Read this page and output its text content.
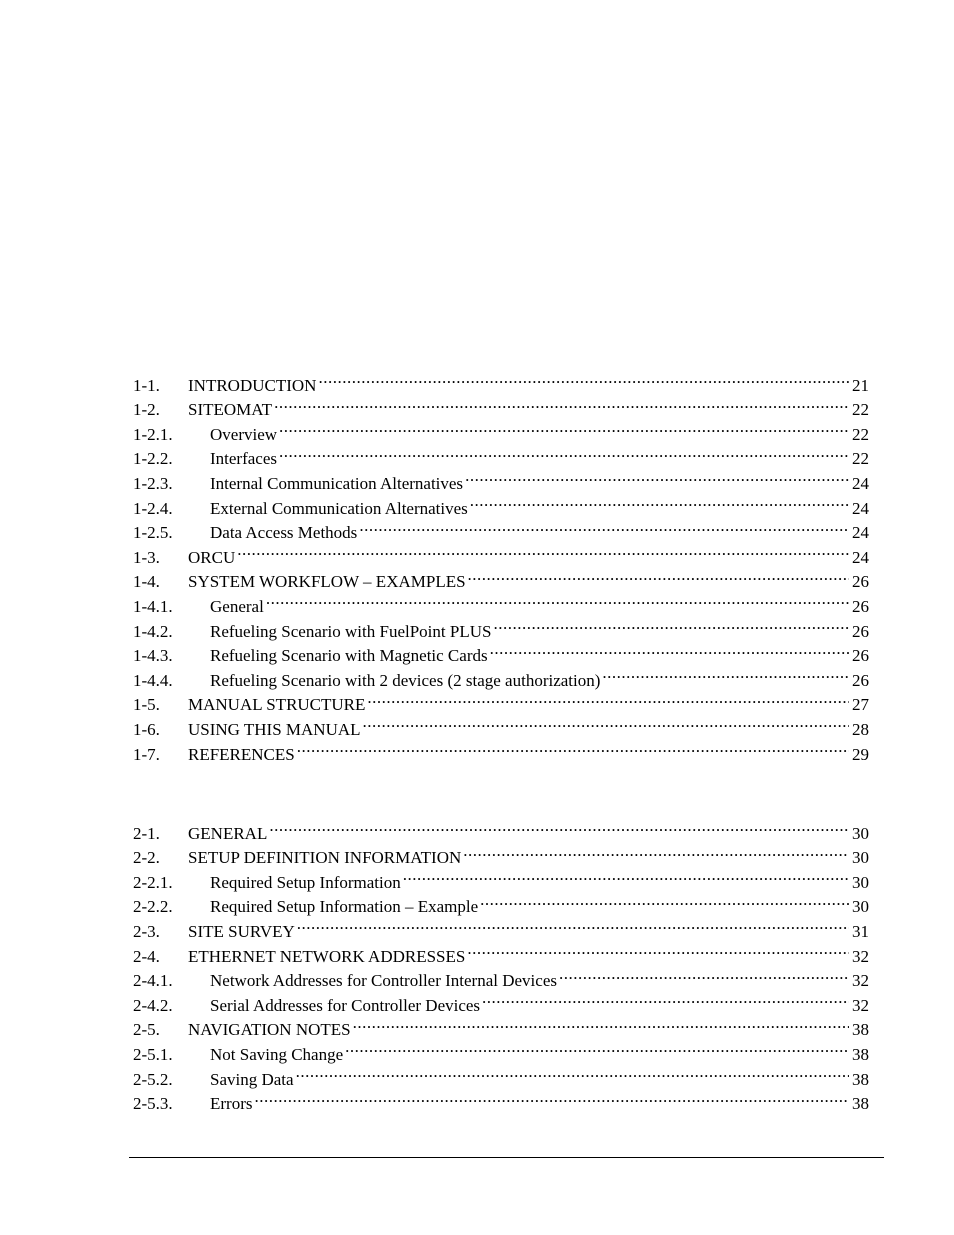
1-1.	INTRODUCTION .....	21
1-2.	SITEOMAT .....	22
1-2.1.	Overview .....	22
1-2.2.	Interfaces .....	22
1-2.3.	Internal Communication Alternatives .....	24
1-2.4.	External Communication Alternatives .....	24
1-2.5.	Data Access Methods .....	24
1-3.	ORCU .....	24
1-4.	SYSTEM WORKFLOW – EXAMPLES .....	26
1-4.1.	General .....	26
1-4.2.	Refueling Scenario with FuelPoint PLUS .....	26
1-4.3.	Refueling Scenario with Magnetic Cards .....	26
1-4.4.	Refueling Scenario with 2 devices (2 stage authorization) .....	26
1-5.	MANUAL STRUCTURE .....	27
1-6.	USING THIS MANUAL .....	28
1-7.	REFERENCES .....	29
2-1.	GENERAL .....	30
2-2.	SETUP DEFINITION INFORMATION .....	30
2-2.1.	Required Setup Information .....	30
2-2.2.	Required Setup Information – Example .....	30
2-3.	SITE SURVEY .....	31
2-4.	ETHERNET NETWORK ADDRESSES .....	32
2-4.1.	Network Addresses for Controller Internal Devices .....	32
2-4.2.	Serial Addresses for Controller Devices .....	32
2-5.	NAVIGATION NOTES .....	38
2-5.1.	Not Saving Change .....	38
2-5.2.	Saving Data .....	38
2-5.3.	Errors .....	38
